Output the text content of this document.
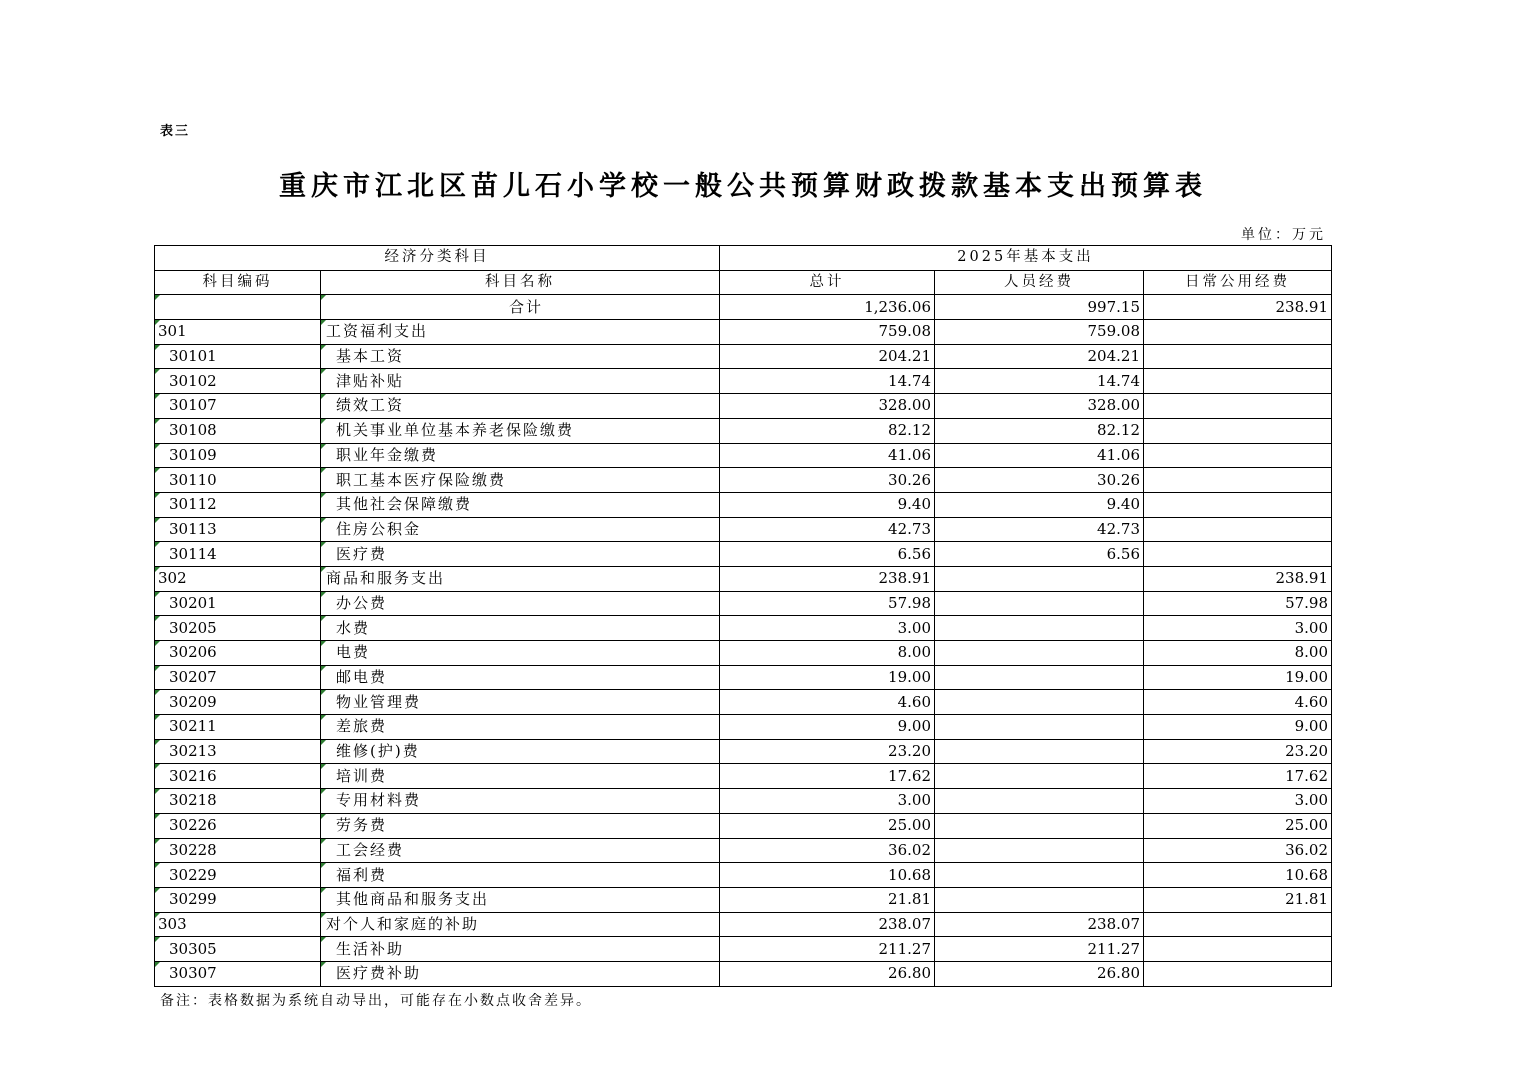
表三
重庆市江北区苗儿石小学校一般公共预算财政拨款基本支出预算表
单位：万元
经济分类科目		2025年基本支出		
科目编码	科目名称	总计	人员经费	日常公用经费
	合计	1,236.06	997.15	238.91
301	工资福利支出	759.08	759.08	
30101	基本工资	204.21	204.21	
30102	津贴补贴	14.74	14.74	
30107	绩效工资	328.00	328.00	
30108	机关事业单位基本养老保险缴费	82.12	82.12	
30109	职业年金缴费	41.06	41.06	
30110	职工基本医疗保险缴费	30.26	30.26	
30112	其他社会保障缴费	9.40	9.40	
30113	住房公积金	42.73	42.73	
30114	医疗费	6.56	6.56	
302	商品和服务支出	238.91		238.91
30201	办公费	57.98		57.98
30205	水费	3.00		3.00
30206	电费	8.00		8.00
30207	邮电费	19.00		19.00
30209	物业管理费	4.60		4.60
30211	差旅费	9.00		9.00
30213	维修(护)费	23.20		23.20
30216	培训费	17.62		17.62
30218	专用材料费	3.00		3.00
30226	劳务费	25.00		25.00
30228	工会经费	36.02		36.02
30229	福利费	10.68		10.68
30299	其他商品和服务支出	21.81		21.81
303	对个人和家庭的补助	238.07	238.07	
30305	生活补助	211.27	211.27	
30307	医疗费补助	26.80	26.80	
备注：表格数据为系统自动导出，可能存在小数点收舍差异。
